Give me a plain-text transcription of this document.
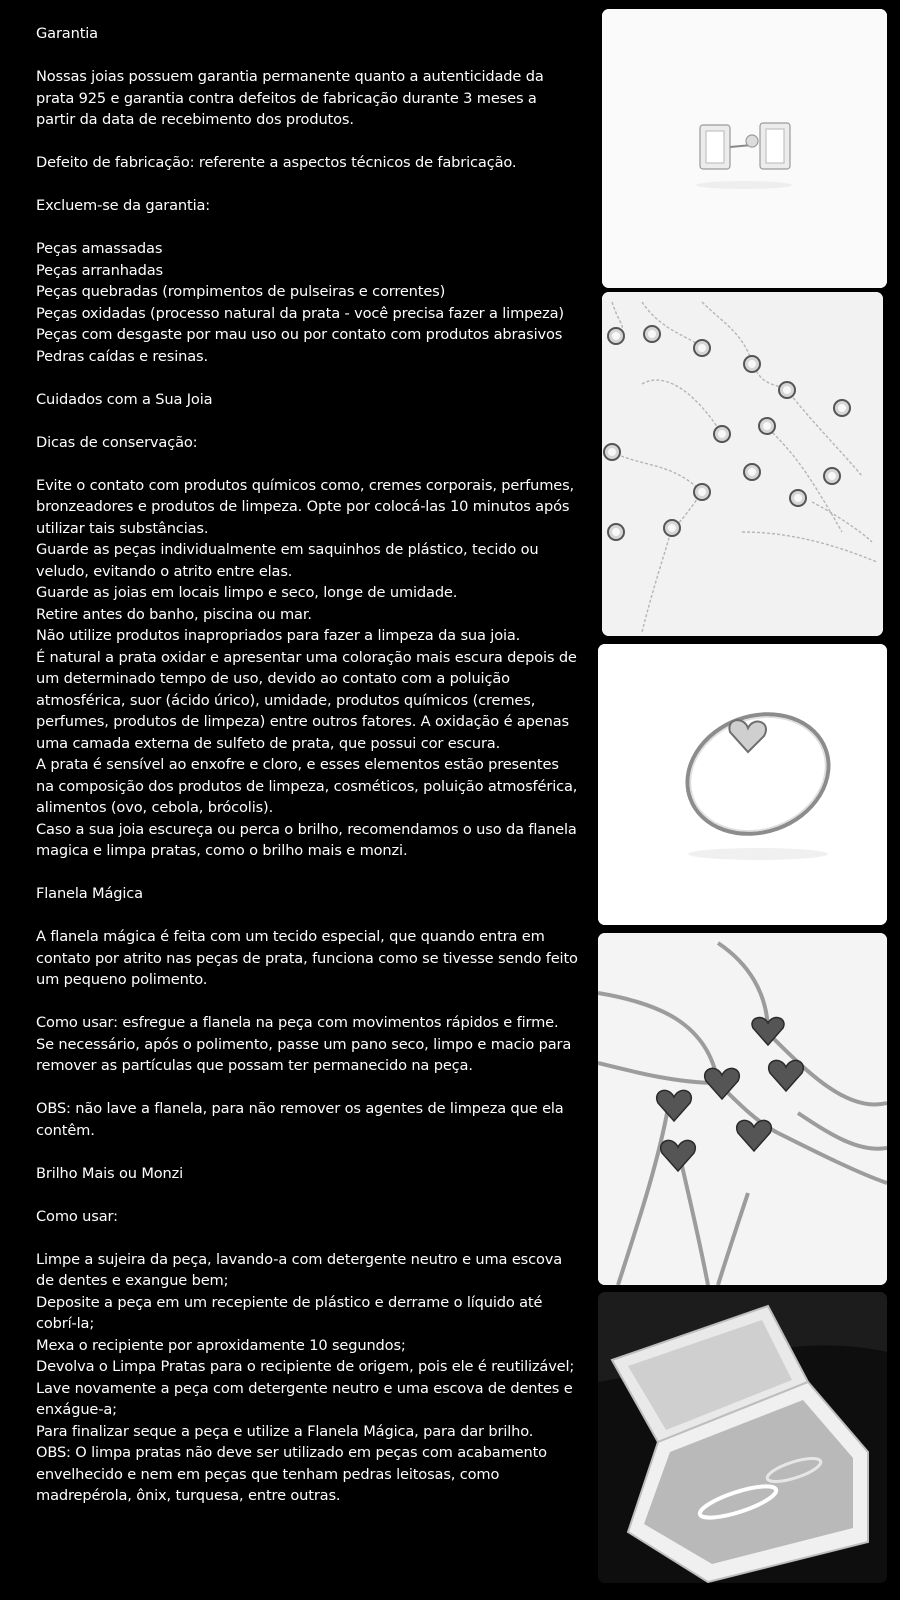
Garantia

Nossas joias possuem garantia permanente quanto a autenticidade da prata 925 e garantia contra defeitos de fabricação durante 3 meses a partir da data de recebimento dos produtos.

Defeito de fabricação: referente a aspectos técnicos de fabricação.

Excluem-se da garantia:

Peças amassadas
Peças arranhadas
Peças quebradas (rompimentos de pulseiras e correntes)
Peças oxidadas (processo natural da prata - você precisa fazer a limpeza)
Peças com desgaste por mau uso ou por contato com produtos abrasivos
Pedras caídas e resinas.

Cuidados com a Sua Joia

Dicas de conservação:

Evite o contato com produtos químicos como, cremes corporais, perfumes, bronzeadores e produtos de limpeza. Opte por colocá-las 10 minutos após utilizar tais substâncias.
Guarde as peças individualmente em saquinhos de plástico, tecido ou veludo, evitando o atrito entre elas.
Guarde as joias em locais limpo e seco, longe de umidade.
Retire antes do banho, piscina ou mar.
Não utilize produtos inapropriados para fazer a limpeza da sua joia.
É natural a prata oxidar e apresentar uma coloração mais escura depois de um determinado tempo de uso, devido ao contato com a poluição atmosférica, suor (ácido úrico), umidade, produtos químicos (cremes, perfumes, produtos de limpeza) entre outros fatores. A oxidação é apenas uma camada externa de sulfeto de prata, que possui cor escura.
A prata é sensível ao enxofre e cloro, e esses elementos estão presentes na composição dos produtos de limpeza, cosméticos, poluição atmosférica, alimentos (ovo, cebola, brócolis).
Caso a sua joia escureça ou perca o brilho, recomendamos o uso da flanela magica e limpa pratas, como o brilho mais e monzi.

Flanela Mágica

A flanela mágica é feita com um tecido especial, que quando entra em contato por atrito nas peças de prata, funciona como se tivesse sendo feito um pequeno polimento.

Como usar: esfregue a flanela na peça com movimentos rápidos e firme. Se necessário, após o polimento, passe um pano seco, limpo e macio para remover as partículas que possam ter permanecido na peça.

OBS: não lave a flanela, para não remover os agentes de limpeza que ela contêm.

Brilho Mais ou Monzi

Como usar:

Limpe a sujeira da peça, lavando-a com detergente neutro e uma escova de dentes e exangue bem;
Deposite a peça em um recepiente de plástico e derrame o líquido até cobrí-la;
Mexa o recipiente por aproxidamente 10 segundos;
Devolva o Limpa Pratas para o recipiente de origem, pois ele é reutilizável;
Lave novamente a peça com detergente neutro e uma escova de dentes e enxágue-a;
Para finalizar seque a peça e utilize a Flanela Mágica, para dar brilho.
OBS: O limpa pratas não deve ser utilizado em peças com acabamento envelhecido e nem em peças que tenham pedras leitosas, como madrepérola, ônix, turquesa, entre outras.
